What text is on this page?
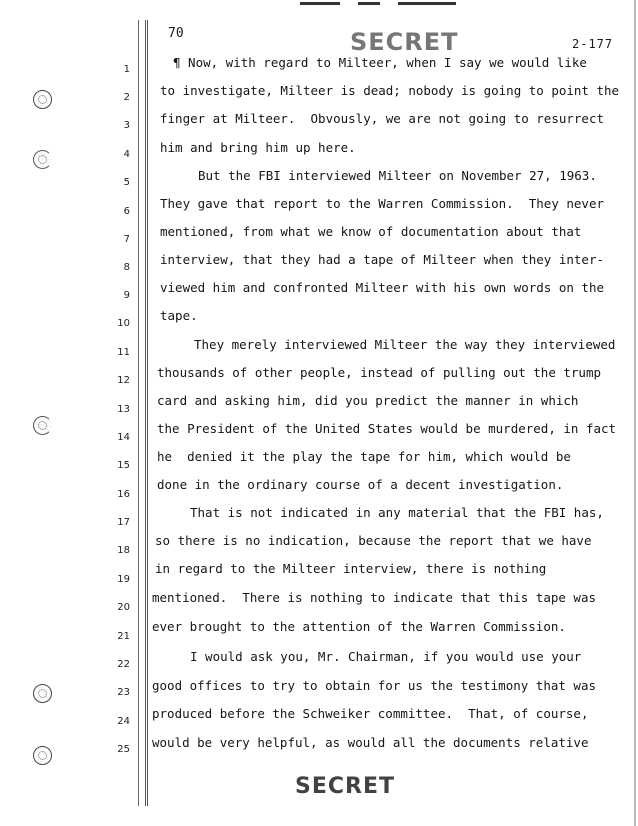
70	SECRET	2-177
1
2
3
4
5
6
7
8
9
10
11
12
13
14
15
16
17
18
19
20
21
22
23
24
25
¶ Now, with regard to Milteer, when I say we would like
to investigate, Milteer is dead; nobody is going to point the
finger at Milteer.  Obvously, we are not going to resurrect
him and bring him up here.
But the FBI interviewed Milteer on November 27, 1963.
They gave that report to the Warren Commission.  They never
mentioned, from what we know of documentation about that
interview, that they had a tape of Milteer when they inter-
viewed him and confronted Milteer with his own words on the
tape.
They merely interviewed Milteer the way they interviewed
thousands of other people, instead of pulling out the trump
card and asking him, did you predict the manner in which
the President of the United States would be murdered, in fact
he  denied it the play the tape for him, which would be
done in the ordinary course of a decent investigation.
That is not indicated in any material that the FBI has,
so there is no indication, because the report that we have
in regard to the Milteer interview, there is nothing
mentioned.  There is nothing to indicate that this tape was
ever brought to the attention of the Warren Commission.
I would ask you, Mr. Chairman, if you would use your
good offices to try to obtain for us the testimony that was
produced before the Schweiker committee.  That, of course,
would be very helpful, as would all the documents relative
SECRET
